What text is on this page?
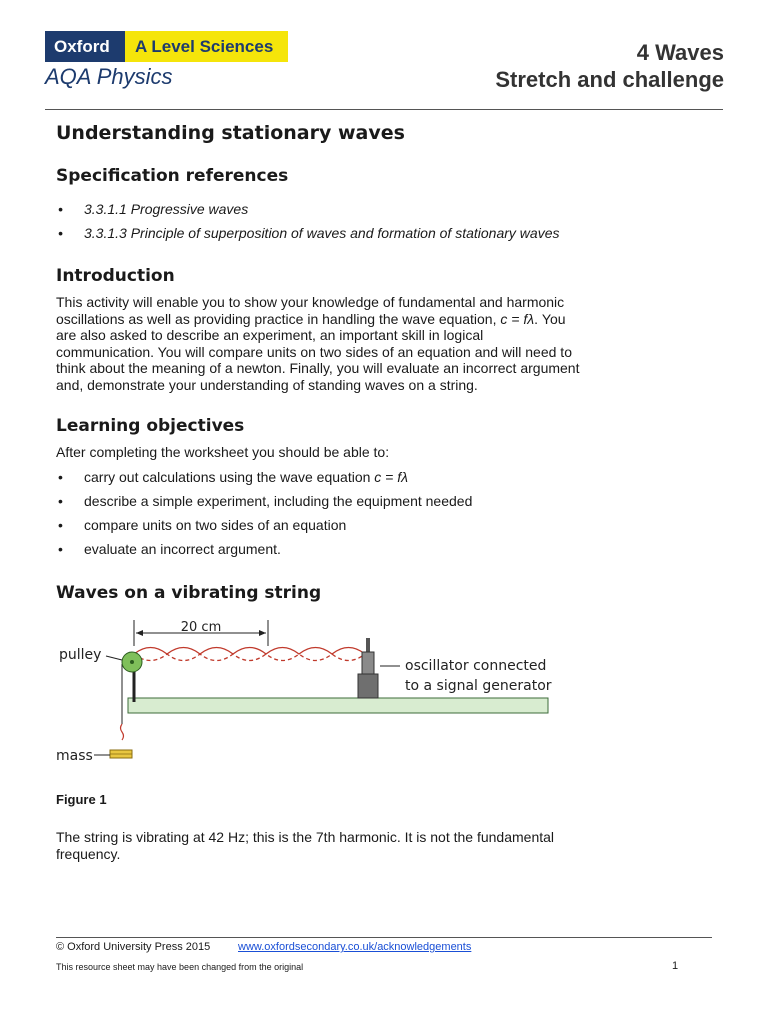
Oxford	A Level Sciences
AQA Physics
4 Waves
Stretch and challenge
Understanding stationary waves
Specification references
• 3.3.1.1 Progressive waves
• 3.3.1.3 Principle of superposition of waves and formation of stationary waves
Introduction
This activity will enable you to show your knowledge of fundamental and harmonic
oscillations as well as providing practice in handling the wave equation, c = fλ. You
are also asked to describe an experiment, an important skill in logical
communication. You will compare units on two sides of an equation and will need to
think about the meaning of a newton. Finally, you will evaluate an incorrect argument
and, demonstrate your understanding of standing waves on a string.
Learning objectives
After completing the worksheet you should be able to:
• carry out calculations using the wave equation c = fλ
• describe a simple experiment, including the equipment needed
• compare units on two sides of an equation
• evaluate an incorrect argument.
Waves on a vibrating string
20 cm
pulley
oscillator connected
to a signal generator
mass
Figure 1
The string is vibrating at 42 Hz; this is the 7th harmonic. It is not the fundamental
frequency.
© Oxford University Press 2015	www.oxfordsecondary.co.uk/acknowledgements
This resource sheet may have been changed from the original	1
